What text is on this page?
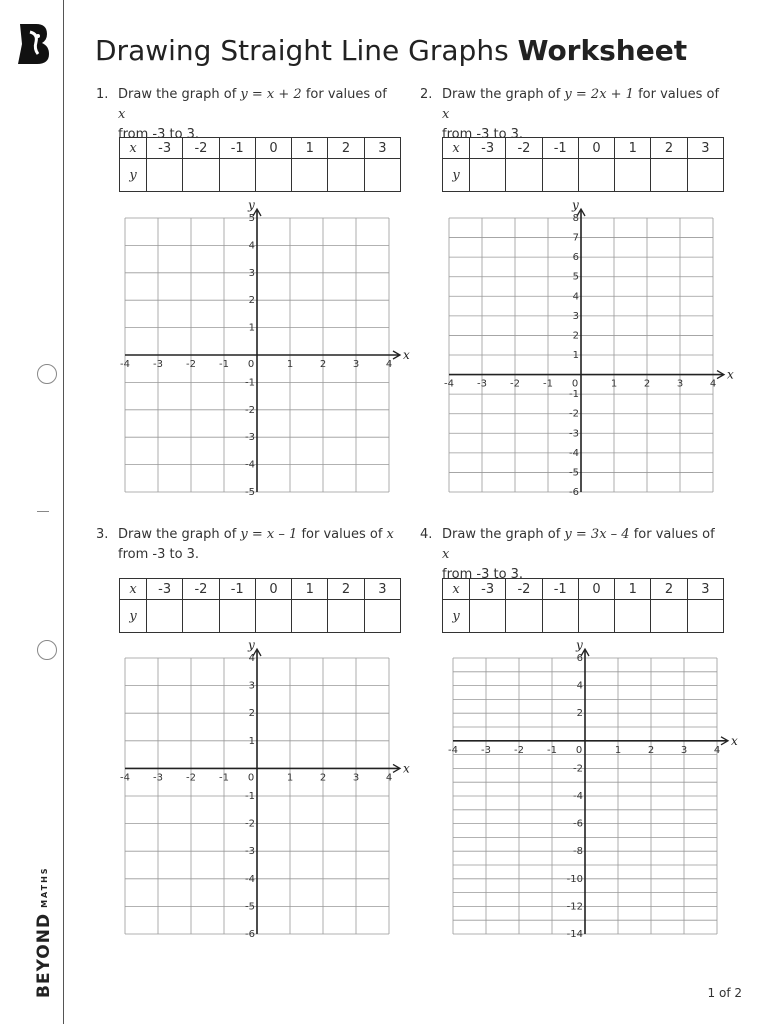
BEYONDMATHS
Drawing Straight Line Graphs Worksheet
1. Draw the graph of y = x + 2 for values of x
from -3 to 3.
2. Draw the graph of y = 2x + 1 for values of x
from -3 to 3.
3. Draw the graph of y = x – 1 for values of x
from -3 to 3.
4. Draw the graph of y = 3x – 4 for values of x
from -3 to 3.
x	-3	-2	-1	0	1	2	3
y							
x	-3	-2	-1	0	1	2	3
y							
x	-3	-2	-1	0	1	2	3
y							
x	-3	-2	-1	0	1	2	3
y							
x
y
-4 -3 -2 -1	1	2	3	4
0
-5
-4
-3
-2
-1
1
2
3
4
5
x
y
-4 -3 -2 -1	1	2	3	4
0
-6
-5
-4
-3
-2
-1
1
2
3
4
5
6
7
8
x
y
-4 -3 -2 -1	1	2	3	4
0
-6
-5
-4
-3
-2
-1
1
2
3
4
x
y
-4 -3 -2 -1	1	2	3	4
0
-14
-12
-10
-8
-6
-4
-2
2
4
6
1 of 2
